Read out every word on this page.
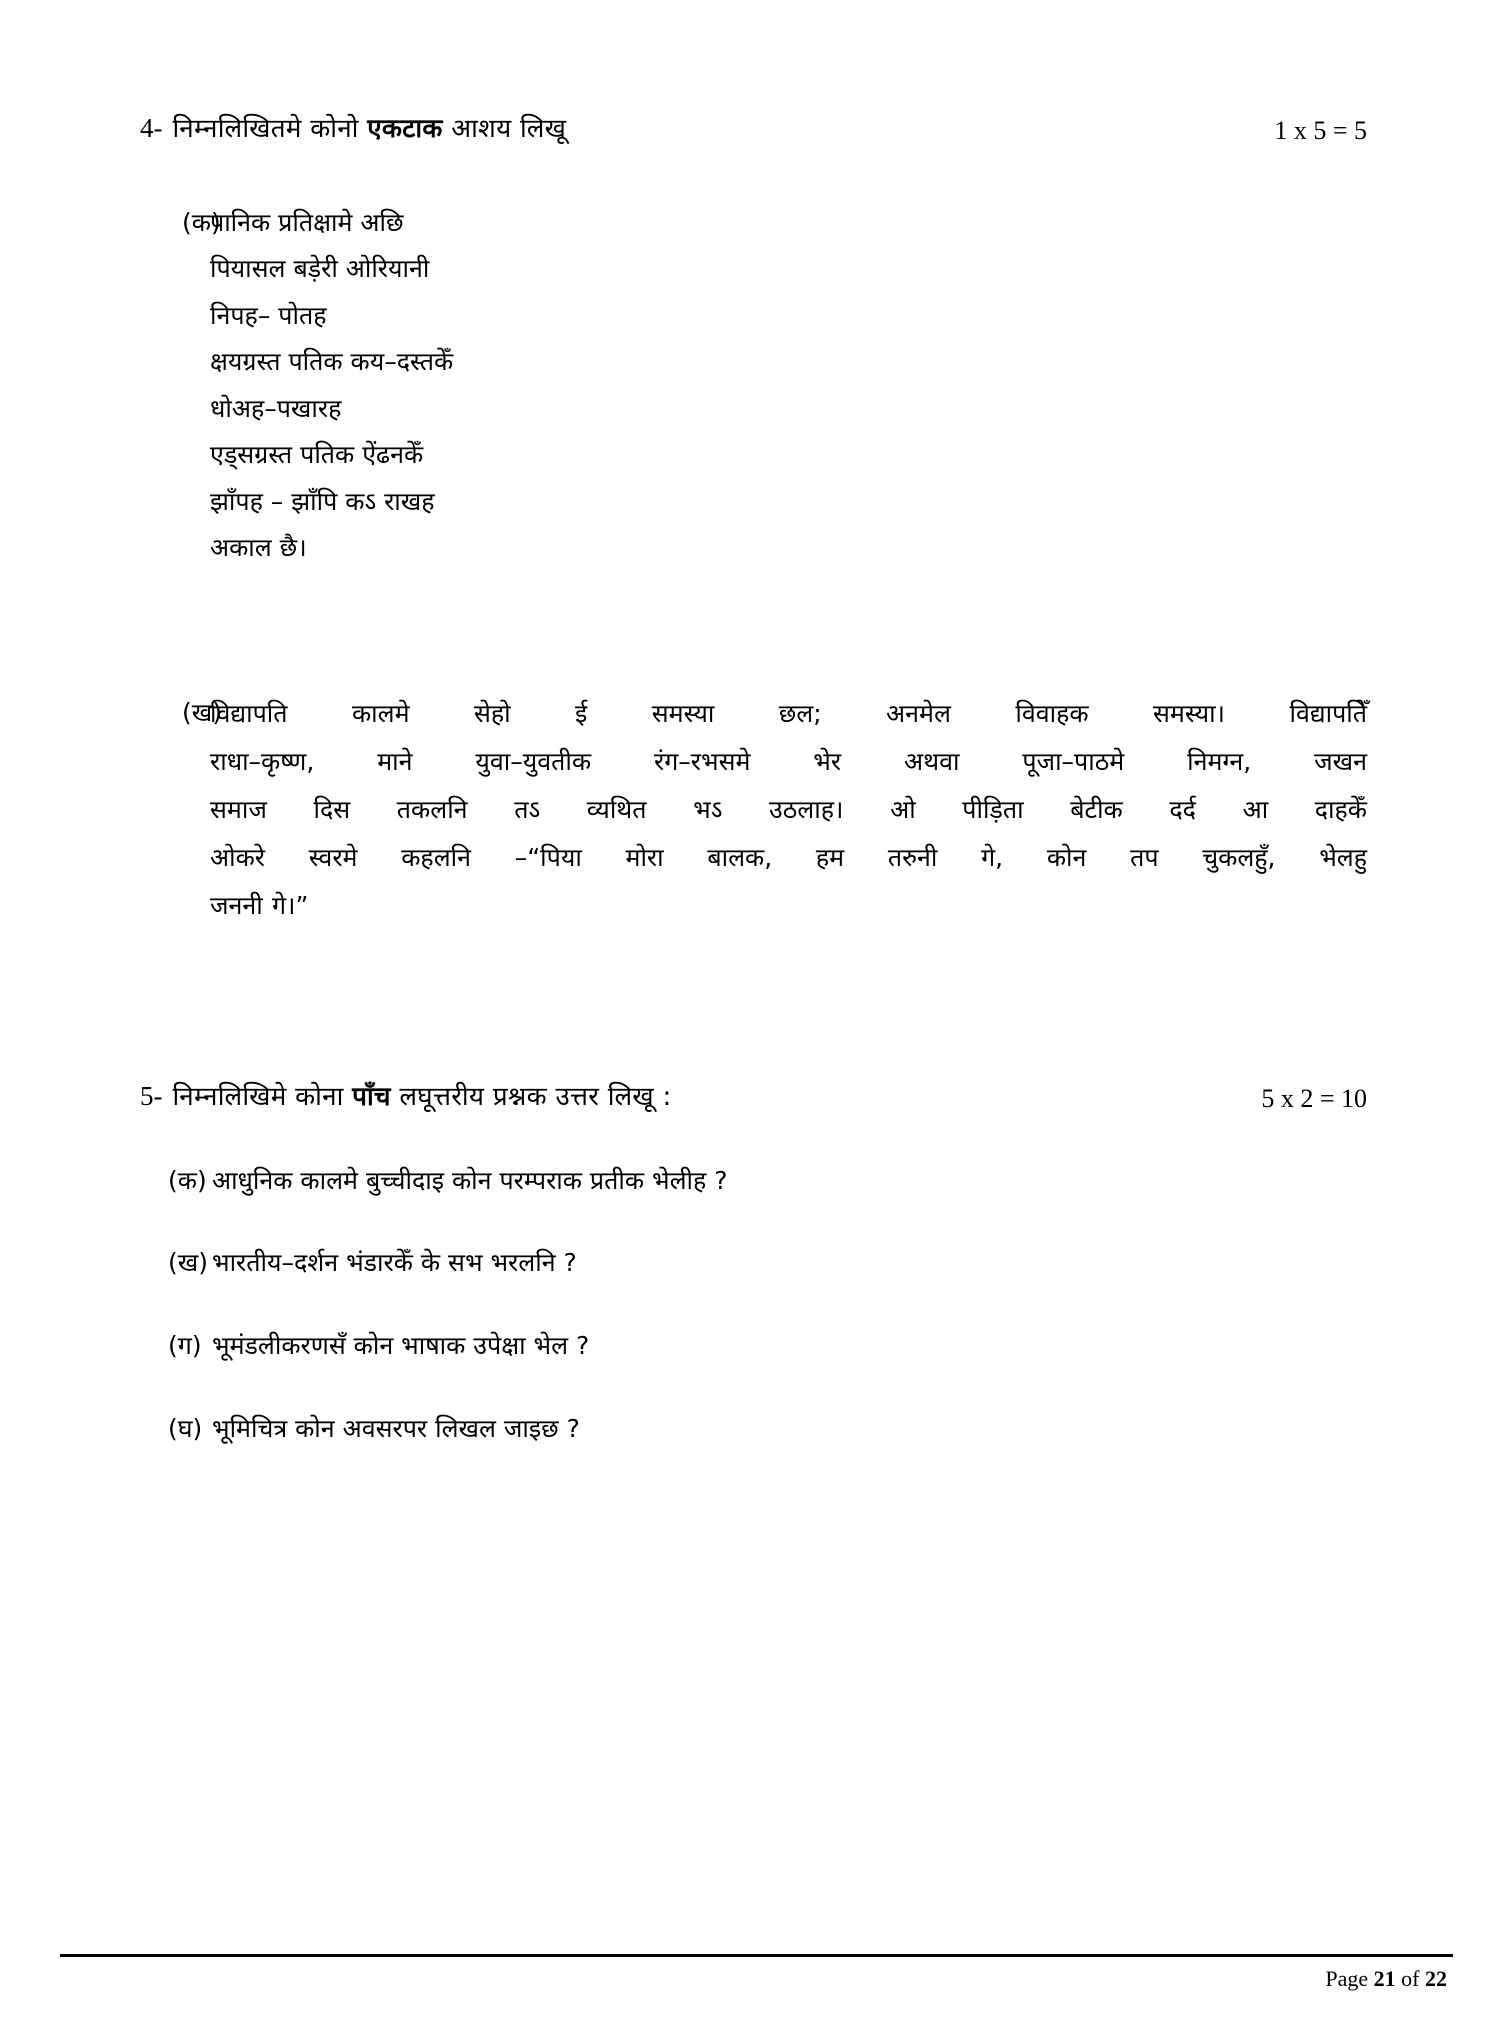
4- निम्नलिखितमे कोनो एकटाक आशय लिखू	1 x 5 = 5
(क)
पानिक प्रतिक्षामे अछि
पियासल बड़ेरी ओरियानी
निपह– पोतह
क्षयग्रस्त पतिक कय–दस्तकेँ
धोअह–पखारह
एड्सग्रस्त पतिक ऐंढनकेँ
झाँपह – झाँपि कऽ राखह
अकाल छै।
(ख)
विद्यापति कालमे सेहो ई समस्या छल; अनमेल विवाहक समस्या। विद्यापतिेँ
राधा–कृष्ण, माने युवा–युवतीक रंग–रभसमे भेर अथवा पूजा–पाठमे निमग्न, जखन
समाज दिस तकलनि तऽ व्यथित भऽ उठलाह। ओ पीड़िता बेटीक दर्द आ दाहकेँ
ओकरे स्वरमे कहलनि –“पिया मोरा बालक, हम तरुनी गे, कोन तप चुकलहुँ, भेलहु
जननी गे।”
5- निम्नलिखिमे कोना पाँच लघूत्तरीय प्रश्नक उत्तर लिखू :	5 x 2 = 10
(क) आधुनिक कालमे बुच्चीदाइ कोन परम्पराक प्रतीक भेलीह ?
(ख) भारतीय–दर्शन भंडारकेँ के सभ भरलनि ?
(ग) भूमंडलीकरणसँ कोन भाषाक उपेक्षा भेल ?
(घ) भूमिचित्र कोन अवसरपर लिखल जाइछ ?
Page 21 of 22
